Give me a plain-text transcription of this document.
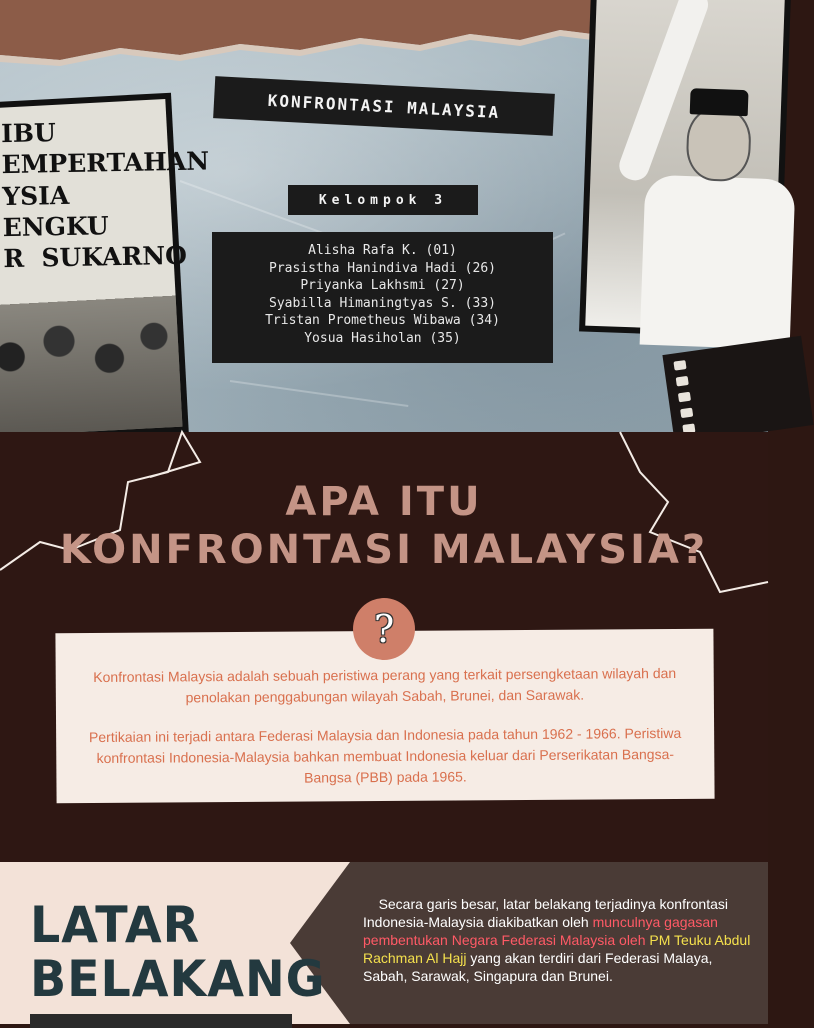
IBU
EMPERTAHAN
YSIA
ENGKU
R  SUKARNO
KONFRONTASI MALAYSIA
Kelompok 3
Alisha Rafa K. (01)
Prasistha Hanindiva Hadi (26)
Priyanka Lakhsmi (27)
Syabilla Himaningtyas S. (33)
Tristan Prometheus Wibawa (34)
Yosua Hasiholan (35)
APA ITU
KONFRONTASI MALAYSIA?
?

Konfrontasi Malaysia adalah sebuah peristiwa perang yang terkait persengketaan wilayah dan penolakan penggabungan wilayah Sabah, Brunei, dan Sarawak.

Pertikaian ini terjadi antara Federasi Malaysia dan Indonesia pada tahun 1962 - 1966. Peristiwa konfrontasi Indonesia-Malaysia bahkan membuat Indonesia keluar dari Perserikatan Bangsa-Bangsa (PBB) pada 1965.

LATAR
BELAKANG
Secara garis besar, latar belakang terjadinya konfrontasi Indonesia-Malaysia diakibatkan oleh munculnya gagasan pembentukan Negara Federasi Malaysia oleh PM Teuku Abdul Rachman Al Hajj yang akan terdiri dari Federasi Malaya, Sabah, Sarawak, Singapura dan Brunei.
